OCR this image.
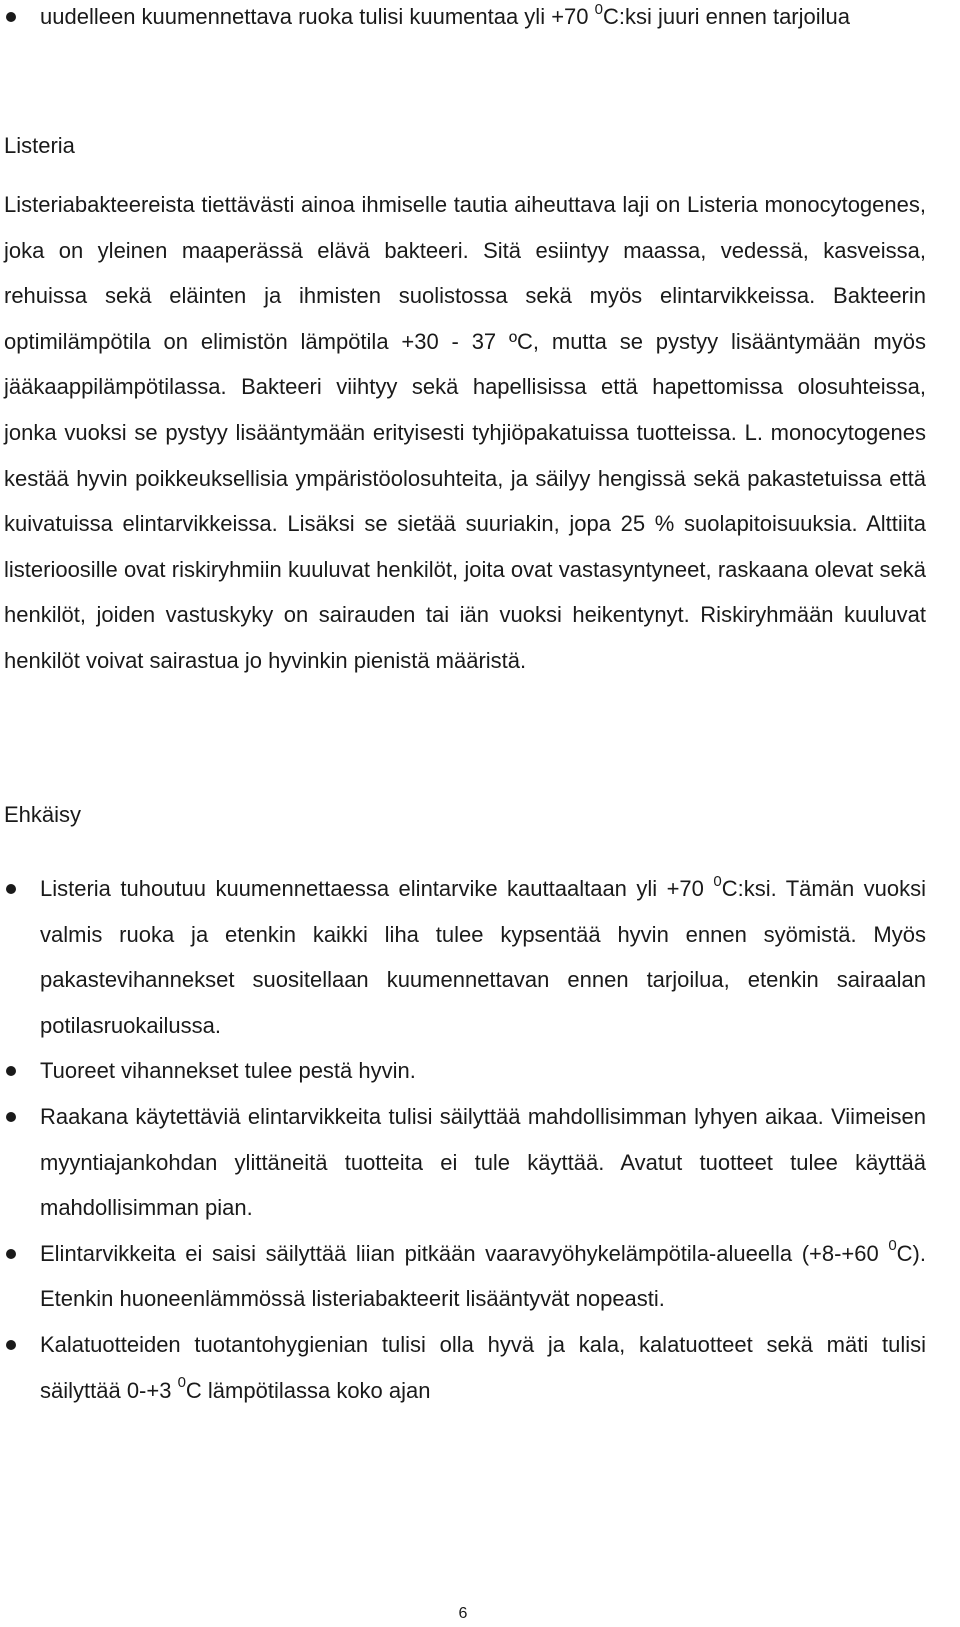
uudelleen kuumennettava ruoka tulisi kuumentaa yli +70 $^0$C:ksi juuri ennen tarjoilua
Listeria

Listeriabakteereista tiettävästi ainoa ihmiselle tautia aiheuttava laji on Listeria monocytogenes, joka on yleinen maaperässä elävä bakteeri. Sitä esiintyy maassa, vedessä, kasveissa, rehuissa sekä eläinten ja ihmisten suolistossa sekä myös elintarvikkeissa. Bakteerin optimilämpötila on elimistön lämpötila +30 - 37 ºC, mutta se pystyy lisääntymään myös jääkaappilämpötilassa. Bakteeri viihtyy sekä hapellisissa että hapettomissa olosuhteissa, jonka vuoksi se pystyy lisääntymään erityisesti tyhjiöpakatuissa tuotteissa. L. monocytogenes kestää hyvin poikkeuksellisia ympäristöolosuhteita, ja säilyy hengissä sekä pakastetuissa että kuivatuissa elintarvikkeissa. Lisäksi se sietää suuriakin, jopa 25 % suolapitoisuuksia. Alttiita listerioosille ovat riskiryhmiin kuuluvat henkilöt, joita ovat vastasyntyneet, raskaana olevat sekä henkilöt, joiden vastuskyky on sairauden tai iän vuoksi heikentynyt. Riskiryhmään kuuluvat henkilöt voivat sairastua jo hyvinkin pienistä määristä.

Ehkäisy
Listeria tuhoutuu kuumennettaessa elintarvike kauttaaltaan yli +70 $^0$C:ksi. Tämän vuoksi valmis ruoka ja etenkin kaikki liha tulee kypsentää hyvin ennen syömistä. Myös pakastevihannekset suositellaan kuumennettavan ennen tarjoilua, etenkin sairaalan potilasruokailussa.
Tuoreet vihannekset tulee pestä hyvin.
Raakana käytettäviä elintarvikkeita tulisi säilyttää mahdollisimman lyhyen aikaa. Viimeisen myyntiajankohdan ylittäneitä tuotteita ei tule käyttää. Avatut tuotteet tulee käyttää mahdollisimman pian.
Elintarvikkeita ei saisi säilyttää liian pitkään vaaravyöhykelämpötila-alueella (+8-+60 $^0$C). Etenkin huoneenlämmössä listeriabakteerit lisääntyvät nopeasti.
Kalatuotteiden tuotantohygienian tulisi olla hyvä ja kala, kalatuotteet sekä mäti tulisi säilyttää 0-+3 $^0$C lämpötilassa koko ajan
6
